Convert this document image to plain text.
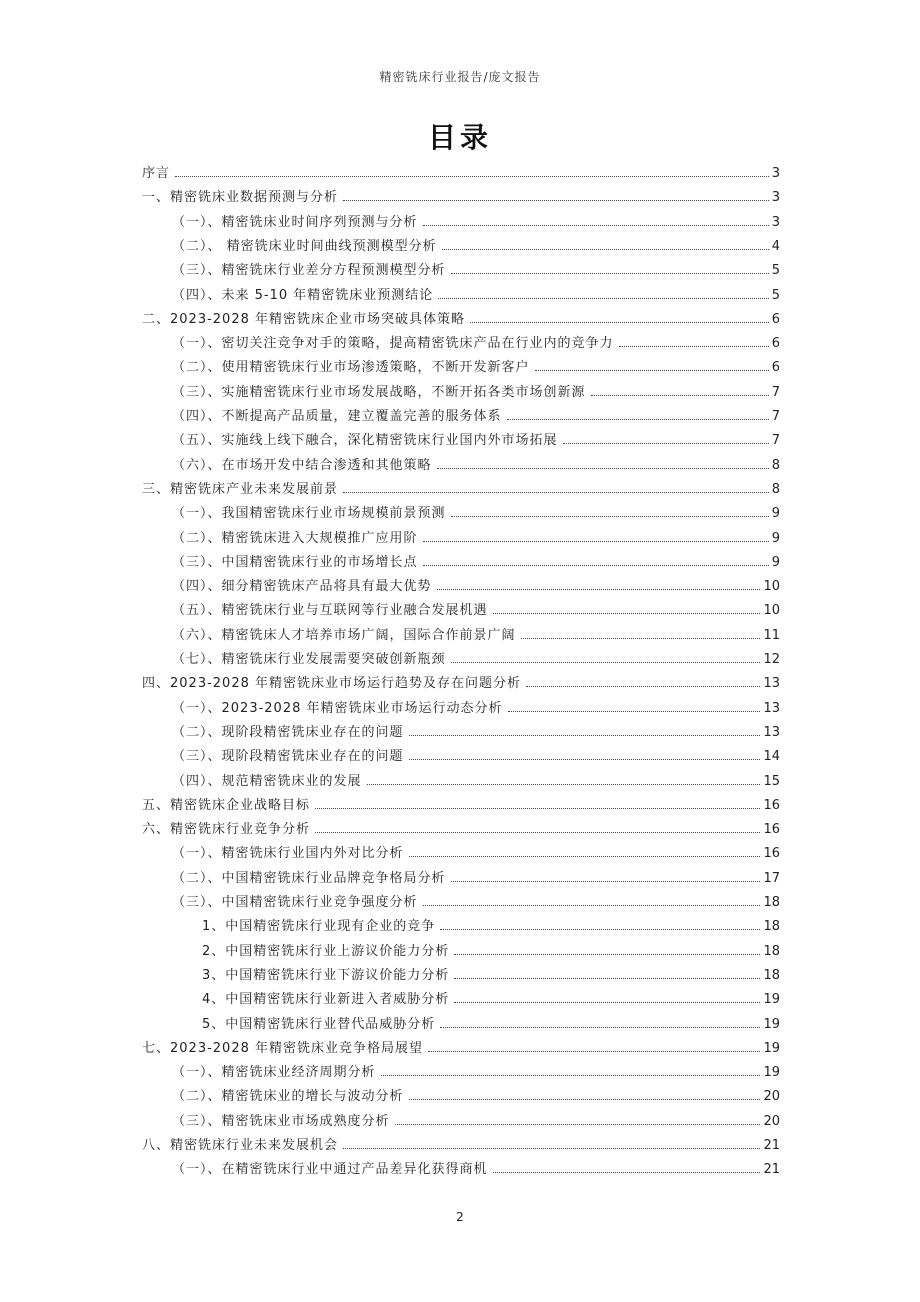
精密铣床行业报告/庞文报告
目录
序言	3
一、精密铣床业数据预测与分析	3
（一）、精密铣床业时间序列预测与分析	3
（二）、 精密铣床业时间曲线预测模型分析	4
（三）、精密铣床行业差分方程预测模型分析	5
（四）、未来 5-10 年精密铣床业预测结论	5
二、2023-2028 年精密铣床企业市场突破具体策略	6
（一）、密切关注竞争对手的策略，提高精密铣床产品在行业内的竞争力	6
（二）、使用精密铣床行业市场渗透策略，不断开发新客户	6
（三）、实施精密铣床行业市场发展战略，不断开拓各类市场创新源	7
（四）、不断提高产品质量，建立覆盖完善的服务体系	7
（五）、实施线上线下融合，深化精密铣床行业国内外市场拓展	7
（六）、在市场开发中结合渗透和其他策略	8
三、精密铣床产业未来发展前景	8
（一）、我国精密铣床行业市场规模前景预测	9
（二）、精密铣床进入大规模推广应用阶	9
（三）、中国精密铣床行业的市场增长点	9
（四）、细分精密铣床产品将具有最大优势	10
（五）、精密铣床行业与互联网等行业融合发展机遇	10
（六）、精密铣床人才培养市场广阔，国际合作前景广阔	11
（七）、精密铣床行业发展需要突破创新瓶颈	12
四、2023-2028 年精密铣床业市场运行趋势及存在问题分析	13
（一）、2023-2028 年精密铣床业市场运行动态分析	13
（二）、现阶段精密铣床业存在的问题	13
（三）、现阶段精密铣床业存在的问题	14
（四）、规范精密铣床业的发展	15
五、精密铣床企业战略目标	16
六、精密铣床行业竞争分析	16
（一）、精密铣床行业国内外对比分析	16
（二）、中国精密铣床行业品牌竞争格局分析	17
（三）、中国精密铣床行业竞争强度分析	18
1、中国精密铣床行业现有企业的竞争	18
2、中国精密铣床行业上游议价能力分析	18
3、中国精密铣床行业下游议价能力分析	18
4、中国精密铣床行业新进入者威胁分析	19
5、中国精密铣床行业替代品威胁分析	19
七、2023-2028 年精密铣床业竞争格局展望	19
（一）、精密铣床业经济周期分析	19
（二）、精密铣床业的增长与波动分析	20
（三）、精密铣床业市场成熟度分析	20
八、精密铣床行业未来发展机会	21
（一）、在精密铣床行业中通过产品差异化获得商机	21
2
